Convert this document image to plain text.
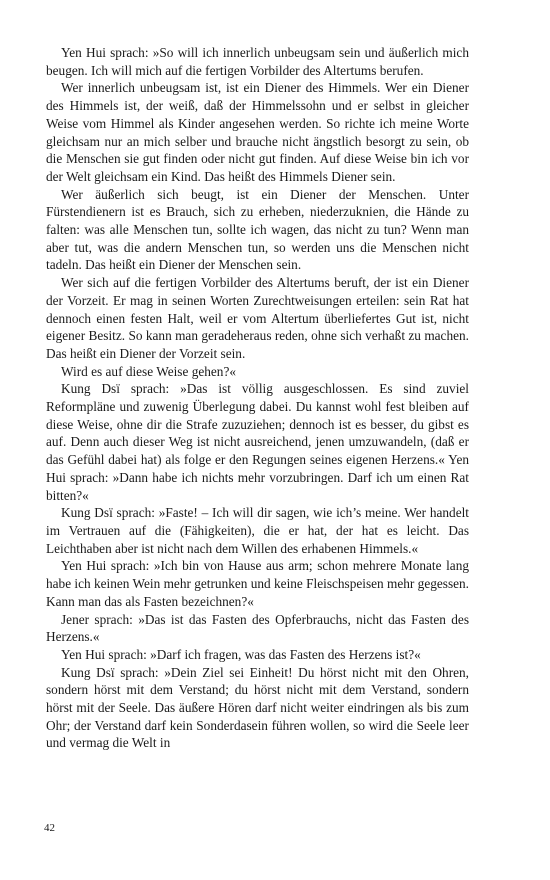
Yen Hui sprach: »So will ich innerlich unbeugsam sein und äußerlich mich beugen. Ich will mich auf die fertigen Vorbilder des Altertums berufen.

Wer innerlich unbeugsam ist, ist ein Diener des Himmels. Wer ein Diener des Himmels ist, der weiß, daß der Himmelssohn und er selbst in gleicher Weise vom Himmel als Kinder angesehen werden. So richte ich meine Worte gleichsam nur an mich selber und brauche nicht ängstlich besorgt zu sein, ob die Menschen sie gut finden oder nicht gut finden. Auf diese Weise bin ich vor der Welt gleichsam ein Kind. Das heißt des Himmels Diener sein.

Wer äußerlich sich beugt, ist ein Diener der Menschen. Unter Fürstendienern ist es Brauch, sich zu erheben, niederzuknien, die Hände zu falten: was alle Menschen tun, sollte ich wagen, das nicht zu tun? Wenn man aber tut, was die andern Menschen tun, so werden uns die Menschen nicht tadeln. Das heißt ein Diener der Menschen sein.

Wer sich auf die fertigen Vorbilder des Altertums beruft, der ist ein Diener der Vorzeit. Er mag in seinen Worten Zurechtweisungen erteilen: sein Rat hat dennoch einen festen Halt, weil er vom Altertum überliefertes Gut ist, nicht eigener Besitz. So kann man geradeheraus reden, ohne sich verhaßt zu machen. Das heißt ein Diener der Vorzeit sein.

Wird es auf diese Weise gehen?«

Kung Dsï sprach: »Das ist völlig ausgeschlossen. Es sind zuviel Reformpläne und zuwenig Überlegung dabei. Du kannst wohl fest bleiben auf diese Weise, ohne dir die Strafe zuzuziehen; dennoch ist es besser, du gibst es auf. Denn auch dieser Weg ist nicht ausreichend, jenen umzuwandeln, (daß er das Gefühl dabei hat) als folge er den Regungen seines eigenen Herzens.« Yen Hui sprach: »Dann habe ich nichts mehr vorzubringen. Darf ich um einen Rat bitten?«

Kung Dsï sprach: »Faste! – Ich will dir sagen, wie ich’s meine. Wer handelt im Vertrauen auf die (Fähigkeiten), die er hat, der hat es leicht. Das Leichthaben aber ist nicht nach dem Willen des erhabenen Himmels.«

Yen Hui sprach: »Ich bin von Hause aus arm; schon mehrere Monate lang habe ich keinen Wein mehr getrunken und keine Fleischspeisen mehr gegessen. Kann man das als Fasten bezeichnen?«

Jener sprach: »Das ist das Fasten des Opferbrauchs, nicht das Fasten des Herzens.«

Yen Hui sprach: »Darf ich fragen, was das Fasten des Herzens ist?«

Kung Dsï sprach: »Dein Ziel sei Einheit! Du hörst nicht mit den Ohren, sondern hörst mit dem Verstand; du hörst nicht mit dem Verstand, sondern hörst mit der Seele. Das äußere Hören darf nicht weiter eindringen als bis zum Ohr; der Verstand darf kein Sonderdasein führen wollen, so wird die Seele leer und vermag die Welt in

42
